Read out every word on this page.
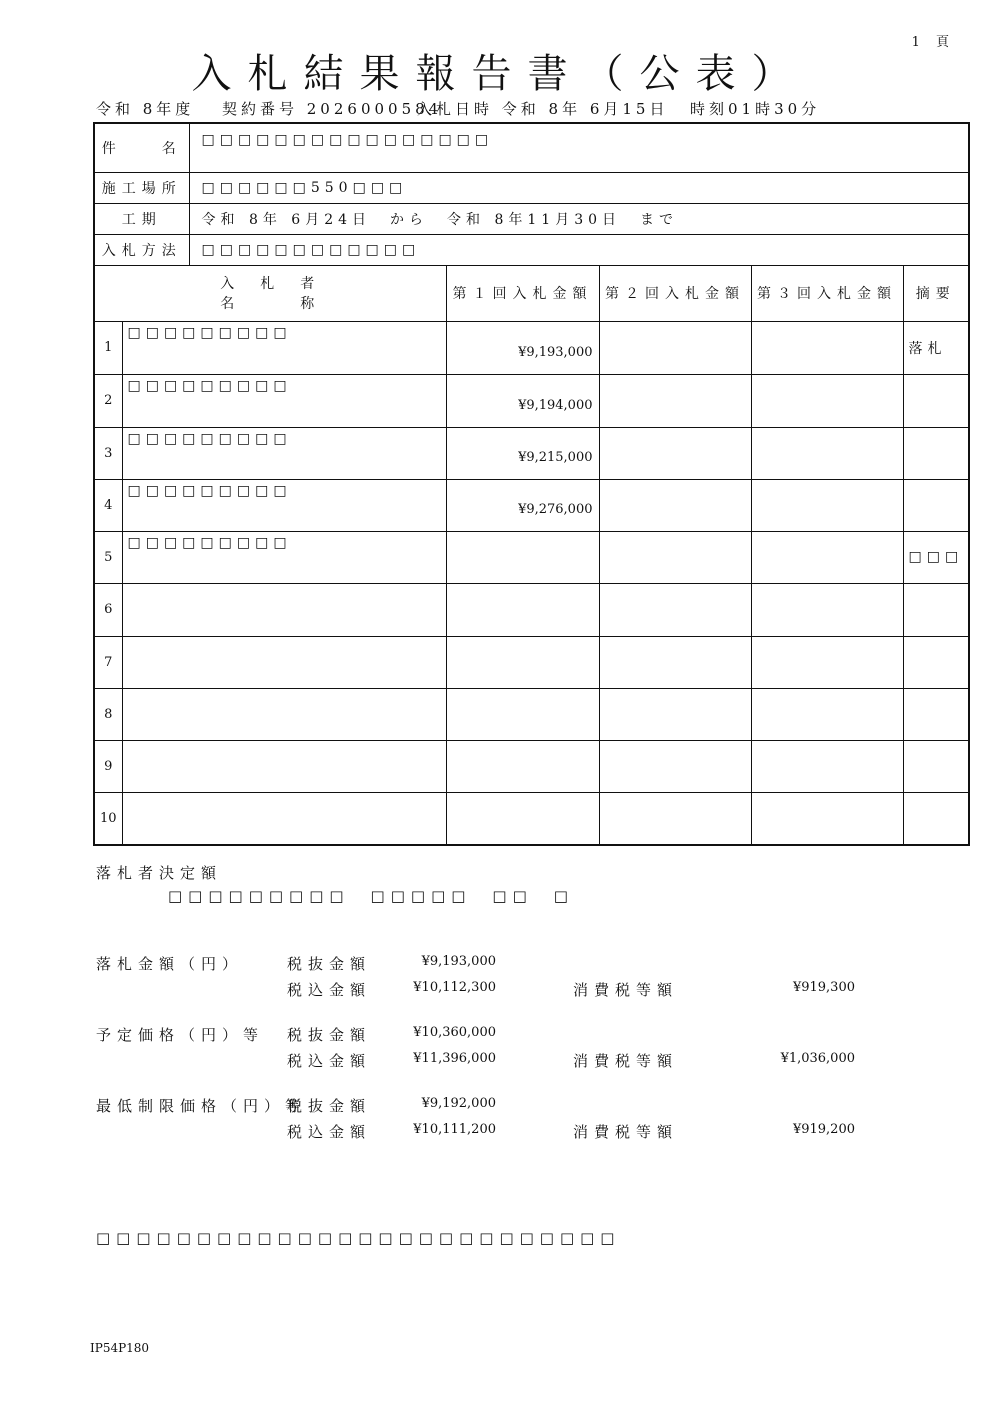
1 頁
入札結果報告書（公表）
令和 8年度 契約番号 2026000584
入札日時 令和 8年 6月15日 時刻01時30分
件　　名		□□□□□□□□□□□□□□□□				
施工場所		□□□□□□550□□□				
工期		令和 8年 6月24日　から　令和 8年11月30日　まで				
入札方法		□□□□□□□□□□□□				

入　札　者
名　　　称			第１回入札金額	第２回入札金額	第３回入札金額	摘要
1	□□□□□□□□□		¥9,193,000			落札
2	□□□□□□□□□		¥9,194,000			
3	□□□□□□□□□		¥9,215,000			
4	□□□□□□□□□		¥9,276,000			
5	□□□□□□□□□					□□□
6						
7						
8						
9						
10						
落札者決定額
□□□□□□□□□　□□□□□　□□　□
落札金額（円）	税抜金額	¥9,193,000
税込金額	¥10,112,300	消費税等額	¥919,300
予定価格（円）等 税抜金額	¥10,360,000
税込金額	¥11,396,000	消費税等額	¥1,036,000
最低制限価格（円）等
税抜金額	¥9,192,000
税込金額	¥10,111,200	消費税等額	¥919,200
□□□□□□□□□□□□□□□□□□□□□□□□□□
IP54P180
